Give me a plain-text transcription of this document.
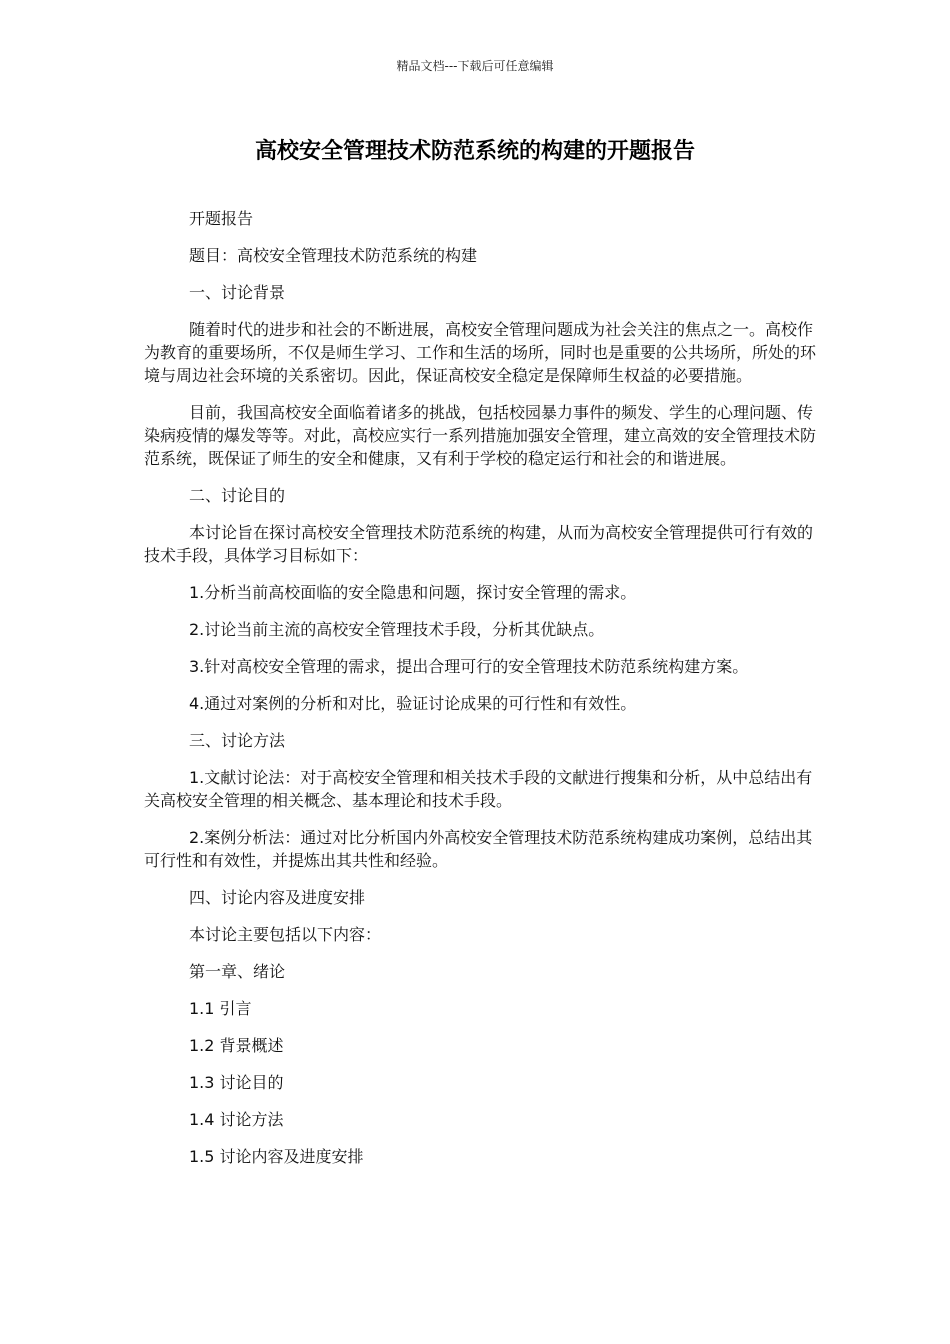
精品文档---下载后可任意编辑
高校安全管理技术防范系统的构建的开题报告

开题报告

题目：高校安全管理技术防范系统的构建

一、讨论背景

随着时代的进步和社会的不断进展，高校安全管理问题成为社会关注的焦点之一。高校作为教育的重要场所，不仅是师生学习、工作和生活的场所，同时也是重要的公共场所，所处的环境与周边社会环境的关系密切。因此，保证高校安全稳定是保障师生权益的必要措施。

目前，我国高校安全面临着诸多的挑战，包括校园暴力事件的频发、学生的心理问题、传染病疫情的爆发等等。对此，高校应实行一系列措施加强安全管理，建立高效的安全管理技术防范系统，既保证了师生的安全和健康，又有利于学校的稳定运行和社会的和谐进展。

二、讨论目的

本讨论旨在探讨高校安全管理技术防范系统的构建，从而为高校安全管理提供可行有效的技术手段，具体学习目标如下：

1.分析当前高校面临的安全隐患和问题，探讨安全管理的需求。

2.讨论当前主流的高校安全管理技术手段，分析其优缺点。

3.针对高校安全管理的需求，提出合理可行的安全管理技术防范系统构建方案。

4.通过对案例的分析和对比，验证讨论成果的可行性和有效性。

三、讨论方法

1.文献讨论法：对于高校安全管理和相关技术手段的文献进行搜集和分析，从中总结出有关高校安全管理的相关概念、基本理论和技术手段。

2.案例分析法：通过对比分析国内外高校安全管理技术防范系统构建成功案例，总结出其可行性和有效性，并提炼出其共性和经验。

四、讨论内容及进度安排

本讨论主要包括以下内容：

第一章、绪论

1.1 引言

1.2 背景概述

1.3 讨论目的

1.4 讨论方法

1.5 讨论内容及进度安排
